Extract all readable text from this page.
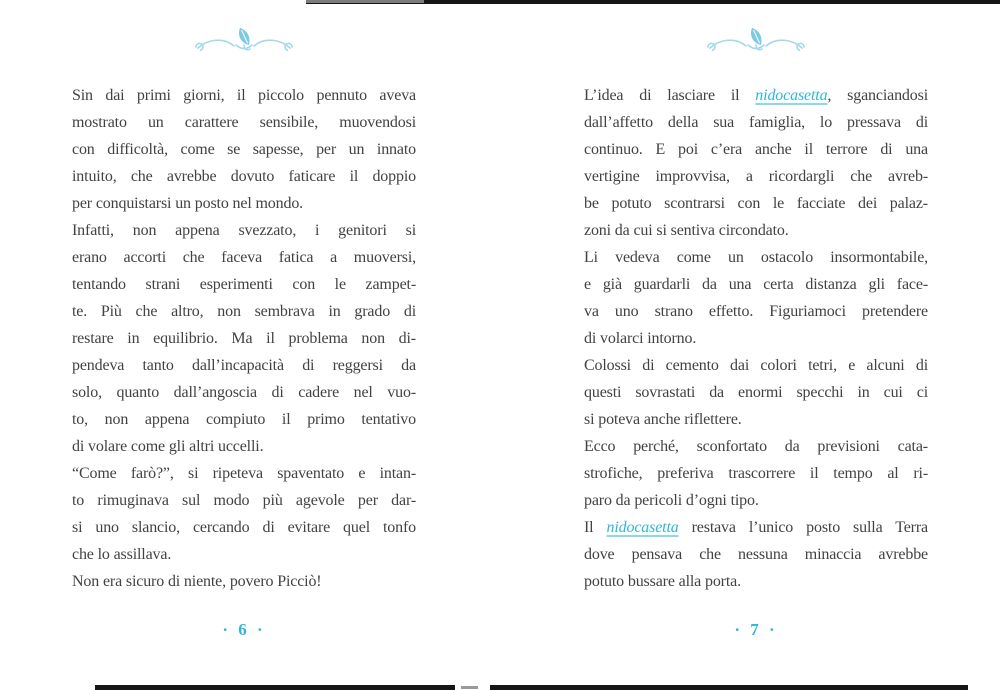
Sin dai primi giorni, il piccolo pennuto aveva
mostrato un carattere sensibile, muovendosi
con difficoltà, come se sapesse, per un innato
intuito, che avrebbe dovuto faticare il doppio
per conquistarsi un posto nel mondo.
Infatti, non appena svezzato, i genitori si
erano accorti che faceva fatica a muoversi,
tentando strani esperimenti con le zampet-
te. Più che altro, non sembrava in grado di
restare in equilibrio. Ma il problema non di-
pendeva tanto dall’incapacità di reggersi da
solo, quanto dall’angoscia di cadere nel vuo-
to, non appena compiuto il primo tentativo
di volare come gli altri uccelli.
“Come farò?”, si ripeteva spaventato e intan-
to rimuginava sul modo più agevole per dar-
si uno slancio, cercando di evitare quel tonfo
che lo assillava.
Non era sicuro di niente, povero Picciò!
· 6 ·
L’idea di lasciare il nidocasetta, sganciandosi
dall’affetto della sua famiglia, lo pressava di
continuo. E poi c’era anche il terrore di una
vertigine improvvisa, a ricordargli che avreb-
be potuto scontrarsi con le facciate dei palaz-
zoni da cui si sentiva circondato.
Li vedeva come un ostacolo insormontabile,
e già guardarli da una certa distanza gli face-
va uno strano effetto. Figuriamoci pretendere
di volarci intorno.
Colossi di cemento dai colori tetri, e alcuni di
questi sovrastati da enormi specchi in cui ci
si poteva anche riflettere.
Ecco perché, sconfortato da previsioni cata-
strofiche, preferiva trascorrere il tempo al ri-
paro da pericoli d’ogni tipo.
Il nidocasetta restava l’unico posto sulla Terra
dove pensava che nessuna minaccia avrebbe
potuto bussare alla porta.
· 7 ·
